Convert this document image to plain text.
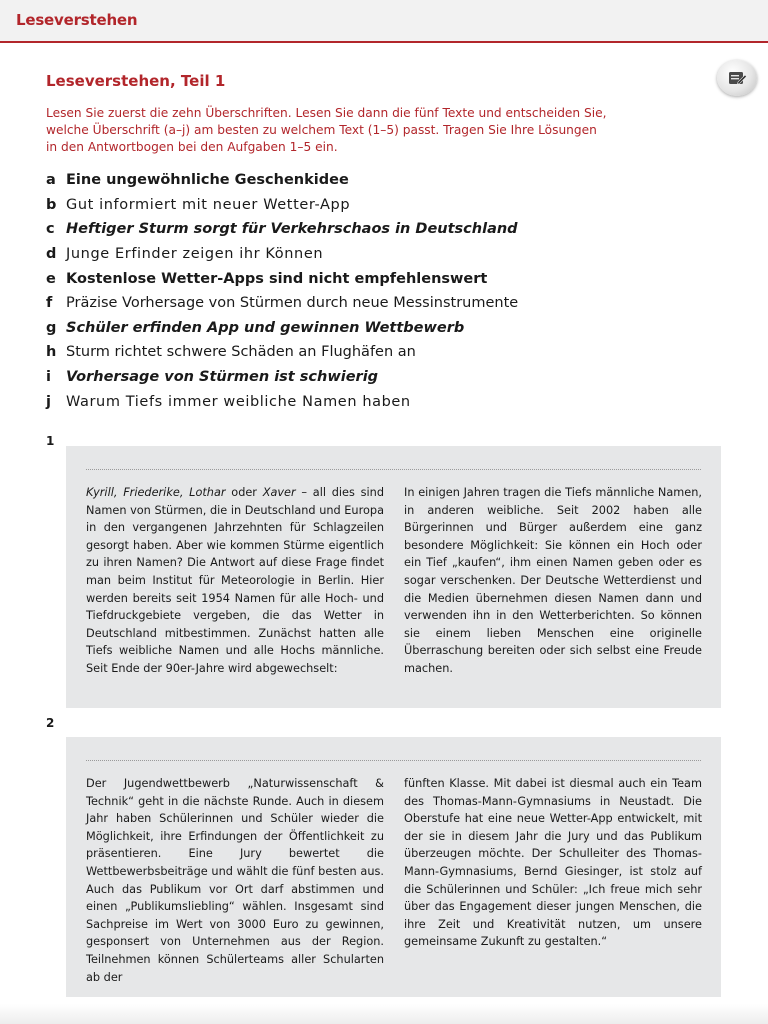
Leseverstehen
Leseverstehen, Teil 1
Lesen Sie zuerst die zehn Überschriften. Lesen Sie dann die fünf Texte und entscheiden Sie,
welche Überschrift (a–j) am besten zu welchem Text (1–5) passt. Tragen Sie Ihre Lösungen
in den Antwortbogen bei den Aufgaben 1–5 ein.
a Eine ungewöhnliche Geschenkidee
b Gut informiert mit neuer Wetter-App
c Heftiger Sturm sorgt für Verkehrschaos in Deutschland
d Junge Erfinder zeigen ihr Können
e Kostenlose Wetter-Apps sind nicht empfehlenswert
f Präzise Vorhersage von Stürmen durch neue Messinstrumente
g Schüler erfinden App und gewinnen Wettbewerb
h Sturm richtet schwere Schäden an Flughäfen an
i	Vorhersage von Stürmen ist schwierig
j	Warum Tiefs immer weibliche Namen haben
1
Kyrill, Friederike, Lothar oder Xaver – all dies sind Namen von Stürmen, die in Deutschland und Europa in den vergangenen Jahrzehnten für Schlagzeilen gesorgt haben. Aber wie kommen Stürme eigentlich zu ihren Namen? Die Antwort auf diese Frage findet man beim Institut für Meteorologie in Berlin. Hier werden bereits seit 1954 Namen für alle Hoch- und Tiefdruckgebiete vergeben, die das Wetter in Deutschland mitbestimmen. Zunächst hatten alle Tiefs weibliche Namen und alle Hochs männliche. Seit Ende der 90er-Jahre wird abgewechselt:
In einigen Jahren tragen die Tiefs männliche Namen, in anderen weibliche. Seit 2002 haben alle Bürgerinnen und Bürger außerdem eine ganz besondere Möglichkeit: Sie können ein Hoch oder ein Tief „kaufen“, ihm einen Namen geben oder es sogar verschenken. Der Deutsche Wetterdienst und die Medien übernehmen diesen Namen dann und verwenden ihn in den Wetterberichten. So können sie einem lieben Menschen eine originelle Überraschung bereiten oder sich selbst eine Freude machen.
2
Der Jugendwettbewerb „Naturwissenschaft & Technik“ geht in die nächste Runde. Auch in diesem Jahr haben Schülerinnen und Schüler wieder die Möglichkeit, ihre Erfindungen der Öffentlichkeit zu präsentieren. Eine Jury bewertet die Wettbewerbsbeiträge und wählt die fünf besten aus. Auch das Publikum vor Ort darf abstimmen und einen „Publikumsliebling“ wählen. Insgesamt sind Sachpreise im Wert von 3000 Euro zu gewinnen, gesponsert von Unternehmen aus der Region. Teilnehmen können Schülerteams aller Schularten ab der
fünften Klasse. Mit dabei ist diesmal auch ein Team des Thomas-Mann-Gymnasiums in Neustadt. Die Oberstufe hat eine neue Wetter-App entwickelt, mit der sie in diesem Jahr die Jury und das Publikum überzeugen möchte. Der Schulleiter des Thomas-Mann-Gymnasiums, Bernd Giesinger, ist stolz auf die Schülerinnen und Schüler: „Ich freue mich sehr über das Engagement dieser jungen Menschen, die ihre Zeit und Kreativität nutzen, um unsere gemeinsame Zukunft zu gestalten.“
